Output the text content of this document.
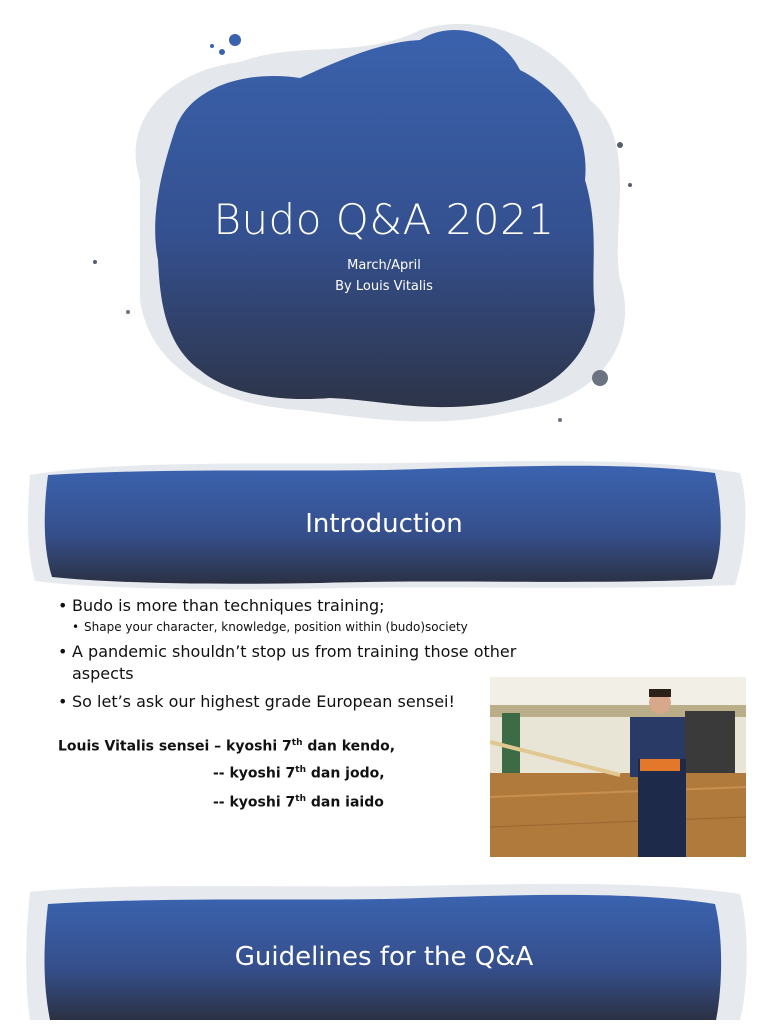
Budo Q&A 2021
March/April
By Louis Vitalis
Introduction
• Budo is more than techniques training;
• Shape your character, knowledge, position within (budo)society
• A pandemic shouldn’t stop us from training those other aspects
• So let’s ask our highest grade European sensei!
Louis Vitalis sensei – kyoshi 7th dan kendo,
-- kyoshi 7th dan jodo,
-- kyoshi 7th dan iaido
Guidelines for the Q&A
